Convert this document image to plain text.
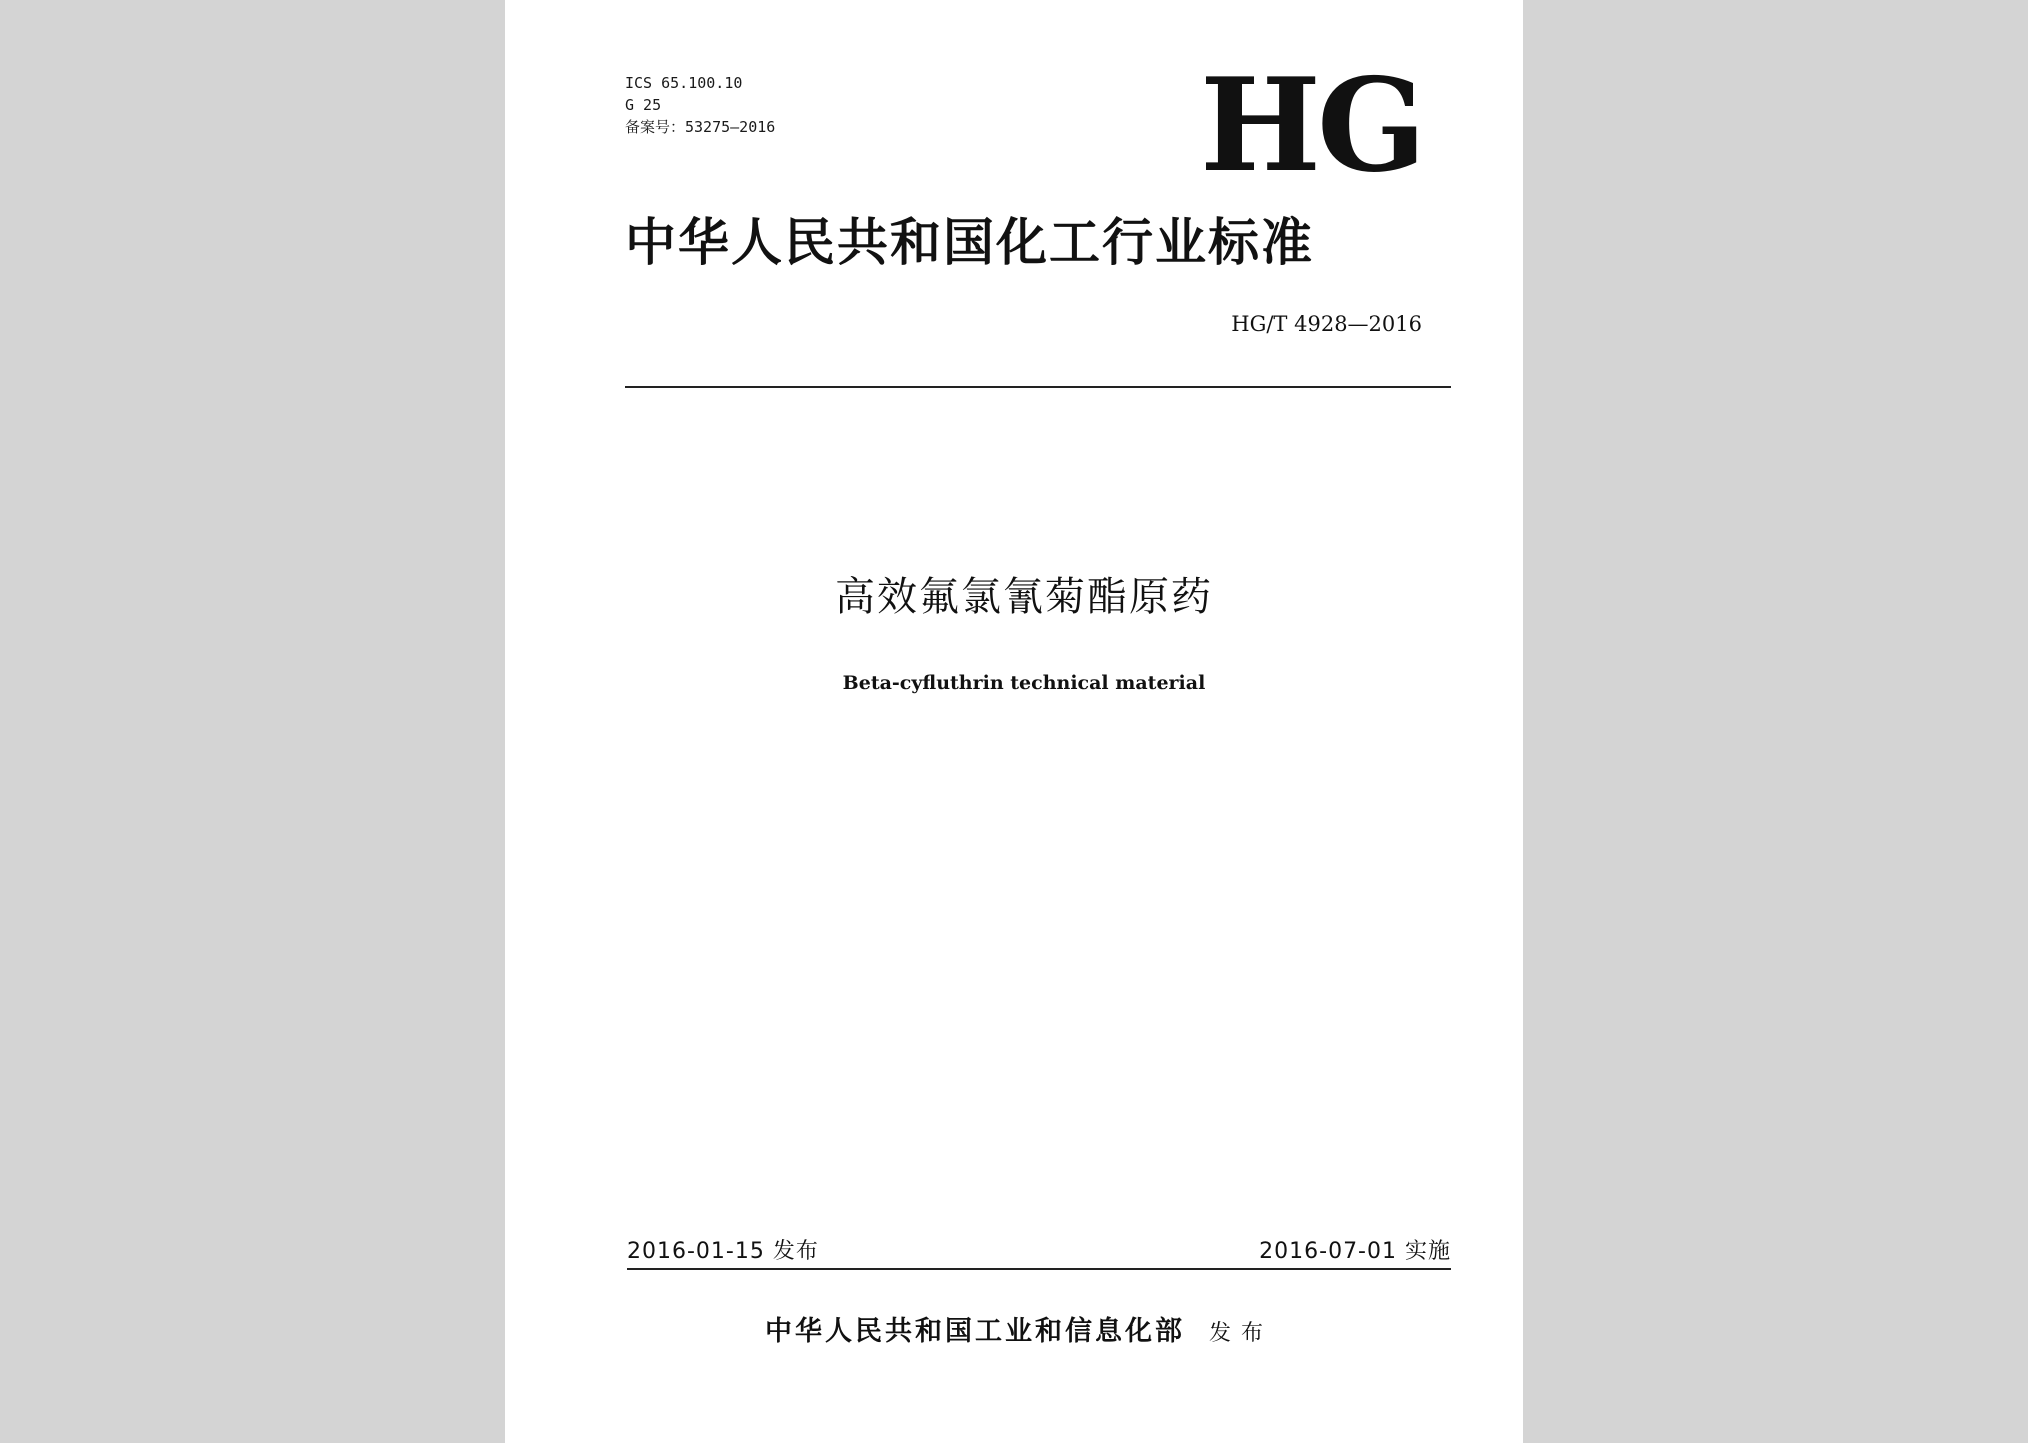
ICS 65.100.10
G 25
备案号：53275—2016	HG
中华人民共和国化工行业标准
HG/T 4928—2016
高效氟氯氰菊酯原药
Beta-cyfluthrin technical material
2016-01-15 发布	2016-07-01 实施
中华人民共和国工业和信息化部 发布
